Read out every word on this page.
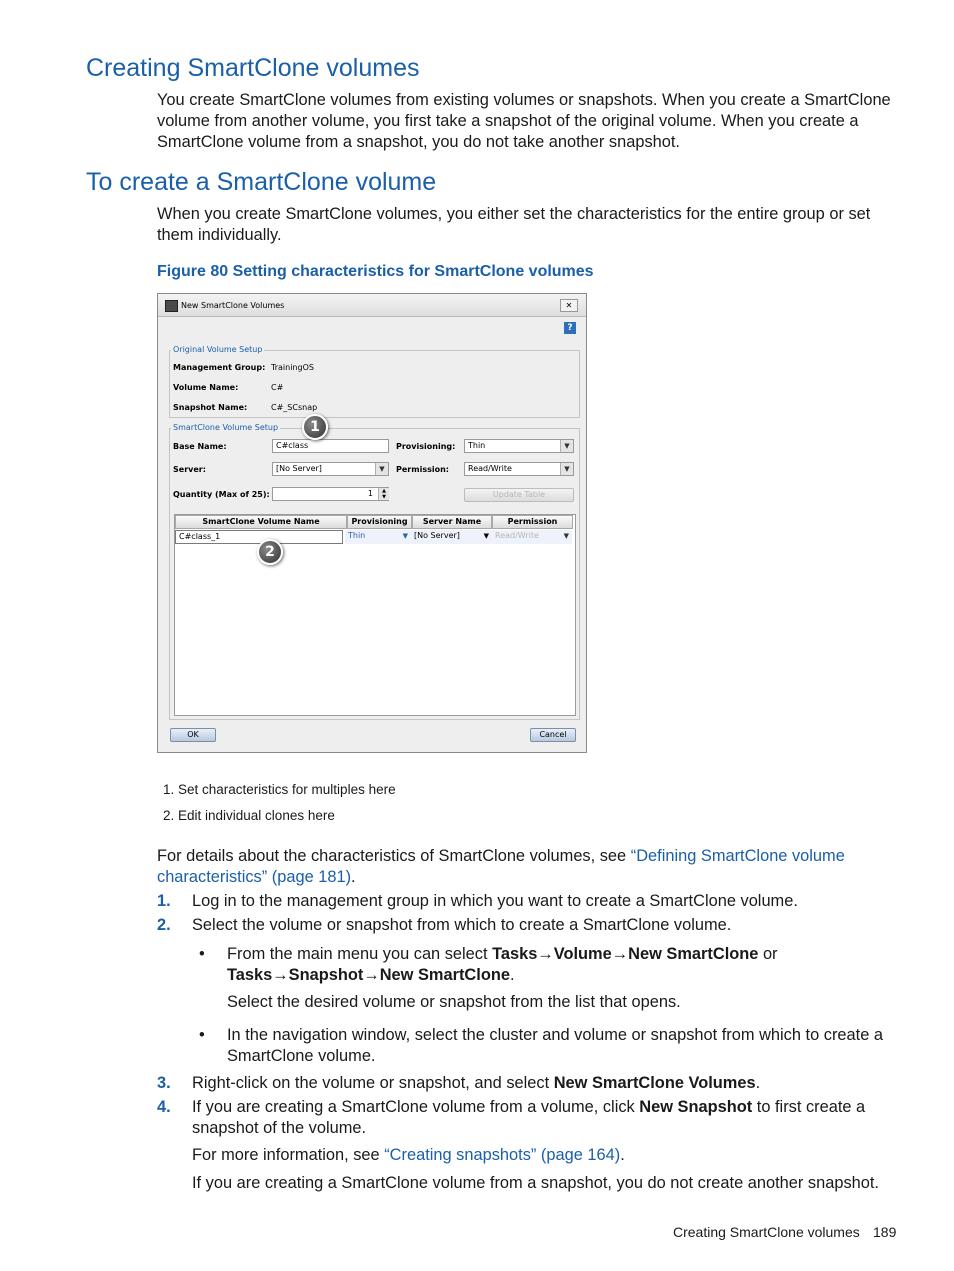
Creating SmartClone volumes
You create SmartClone volumes from existing volumes or snapshots. When you create a SmartClone volume from another volume, you first take a snapshot of the original volume. When you create a SmartClone volume from a snapshot, you do not take another snapshot.
To create a SmartClone volume
When you create SmartClone volumes, you either set the characteristics for the entire group or set them individually.
Figure 80 Setting characteristics for SmartClone volumes
New SmartClone Volumes	✕
?
Original Volume Setup
Management Group: TrainingOS
Volume Name:	C#
Snapshot Name:	C#_SCsnap
SmartClone Volume Setup
Base Name:	C#class	Provisioning:	Thin	▼
Server:	[No Server]	▼	Permission:	Read/Write	▼
Quantity (Max of 25):	1	▲
▼	Update Table
SmartClone Volume Name	Provisioning	Server Name	Permission
C#class_1	Thin	▼ [No Server]	▼ Read/Write	▼
OK	Cancel
1
2
1. Set characteristics for multiples here
2. Edit individual clones here
For details about the characteristics of SmartClone volumes, see “Defining SmartClone volume characteristics” (page 181).
1. Log in to the management group in which you want to create a SmartClone volume.
2. Select the volume or snapshot from which to create a SmartClone volume.
• From the main menu you can select Tasks→Volume→New SmartClone or
Tasks→Snapshot→New SmartClone.
Select the desired volume or snapshot from the list that opens.
• In the navigation window, select the cluster and volume or snapshot from which to create a SmartClone volume.
3. Right-click on the volume or snapshot, and select New SmartClone Volumes.
4. If you are creating a SmartClone volume from a volume, click New Snapshot to first create a snapshot of the volume.
For more information, see “Creating snapshots” (page 164).
If you are creating a SmartClone volume from a snapshot, you do not create another snapshot.
Creating SmartClone volumes 189
